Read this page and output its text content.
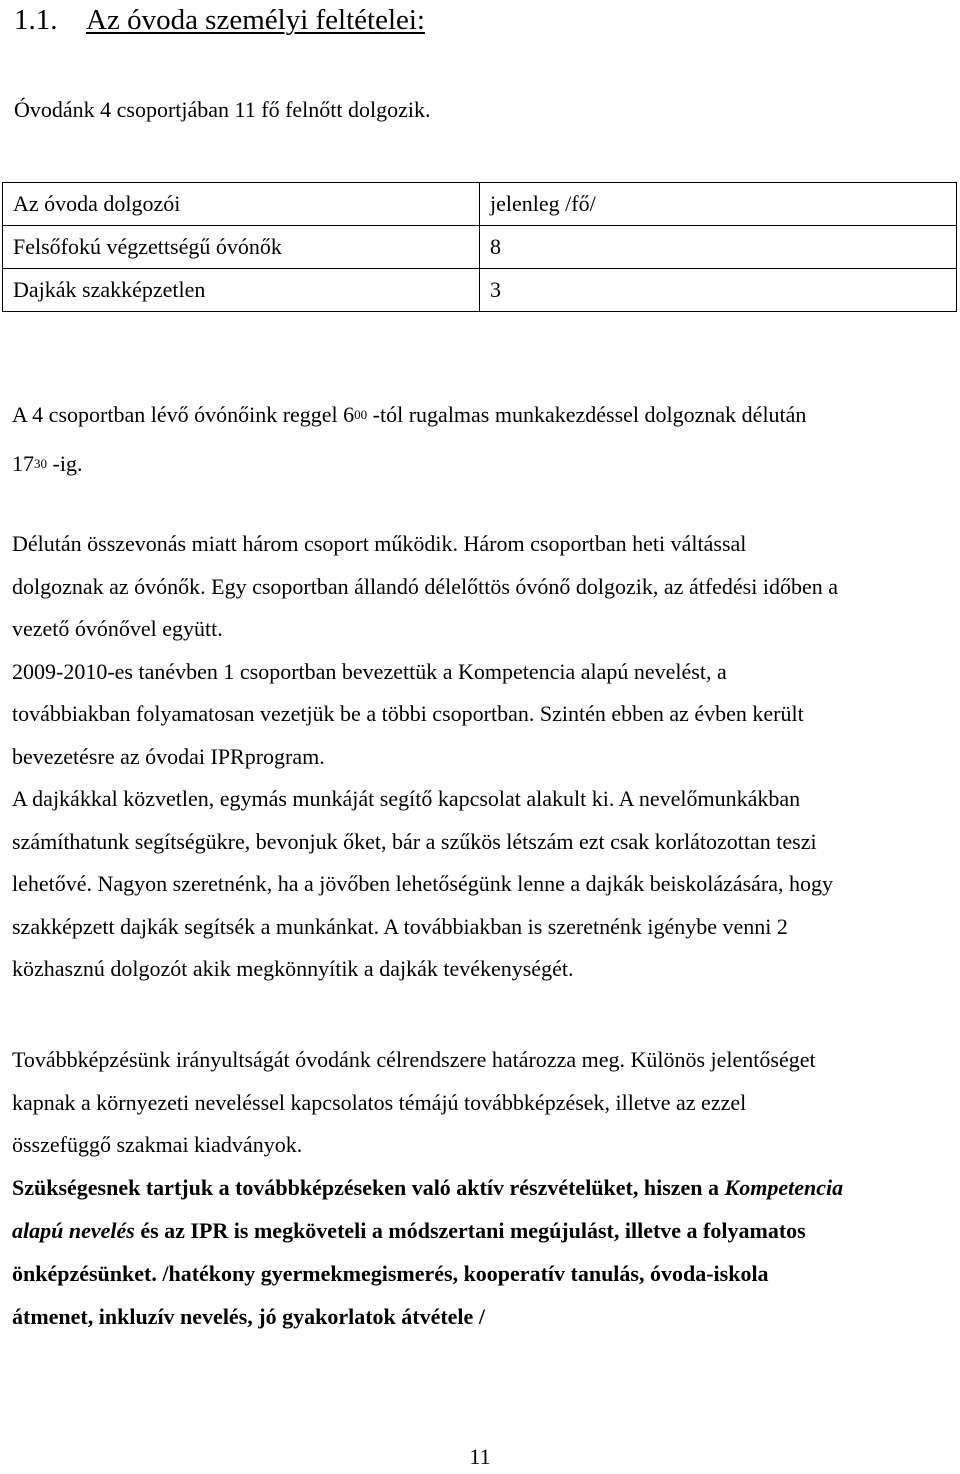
1.1. Az óvoda személyi feltételei:
Óvodánk 4 csoportjában 11 fő felnőtt dolgozik.
Az óvoda dolgozói	jelenleg /fő/
Felsőfokú végzettségű óvónők	8
Dajkák szakképzetlen	3
A 4 csoportban lévő óvónőink reggel $6^{00}$ -tól rugalmas munkakezdéssel dolgoznak délután
$17^{30}$ -ig.
Délután összevonás miatt három csoport működik. Három csoportban heti váltással
dolgoznak az óvónők. Egy csoportban állandó délelőttös óvónő dolgozik, az átfedési időben a
vezető óvónővel együtt.
2009-2010-es tanévben 1 csoportban bevezettük a Kompetencia alapú nevelést, a
továbbiakban folyamatosan vezetjük be a többi csoportban. Szintén ebben az évben került
bevezetésre az óvodai IPRprogram.
A dajkákkal közvetlen, egymás munkáját segítő kapcsolat alakult ki. A nevelőmunkákban
számíthatunk segítségükre, bevonjuk őket, bár a szűkös létszám ezt csak korlátozottan teszi
lehetővé. Nagyon szeretnénk, ha a jövőben lehetőségünk lenne a dajkák beiskolázására, hogy
szakképzett dajkák segítsék a munkánkat. A továbbiakban is szeretnénk igénybe venni 2
közhasznú dolgozót akik megkönnyítik a dajkák tevékenységét.
Továbbképzésünk irányultságát óvodánk célrendszere határozza meg. Különös jelentőséget
kapnak a környezeti neveléssel kapcsolatos témájú továbbképzések, illetve az ezzel
összefüggő szakmai kiadványok.
Szükségesnek tartjuk a továbbképzéseken való aktív részvételüket, hiszen a Kompetencia
alapú nevelés és az IPR is megköveteli a módszertani megújulást, illetve a folyamatos
önképzésünket. /hatékony gyermekmegismerés, kooperatív tanulás, óvoda-iskola
átmenet, inkluzív nevelés, jó gyakorlatok átvétele /
11
